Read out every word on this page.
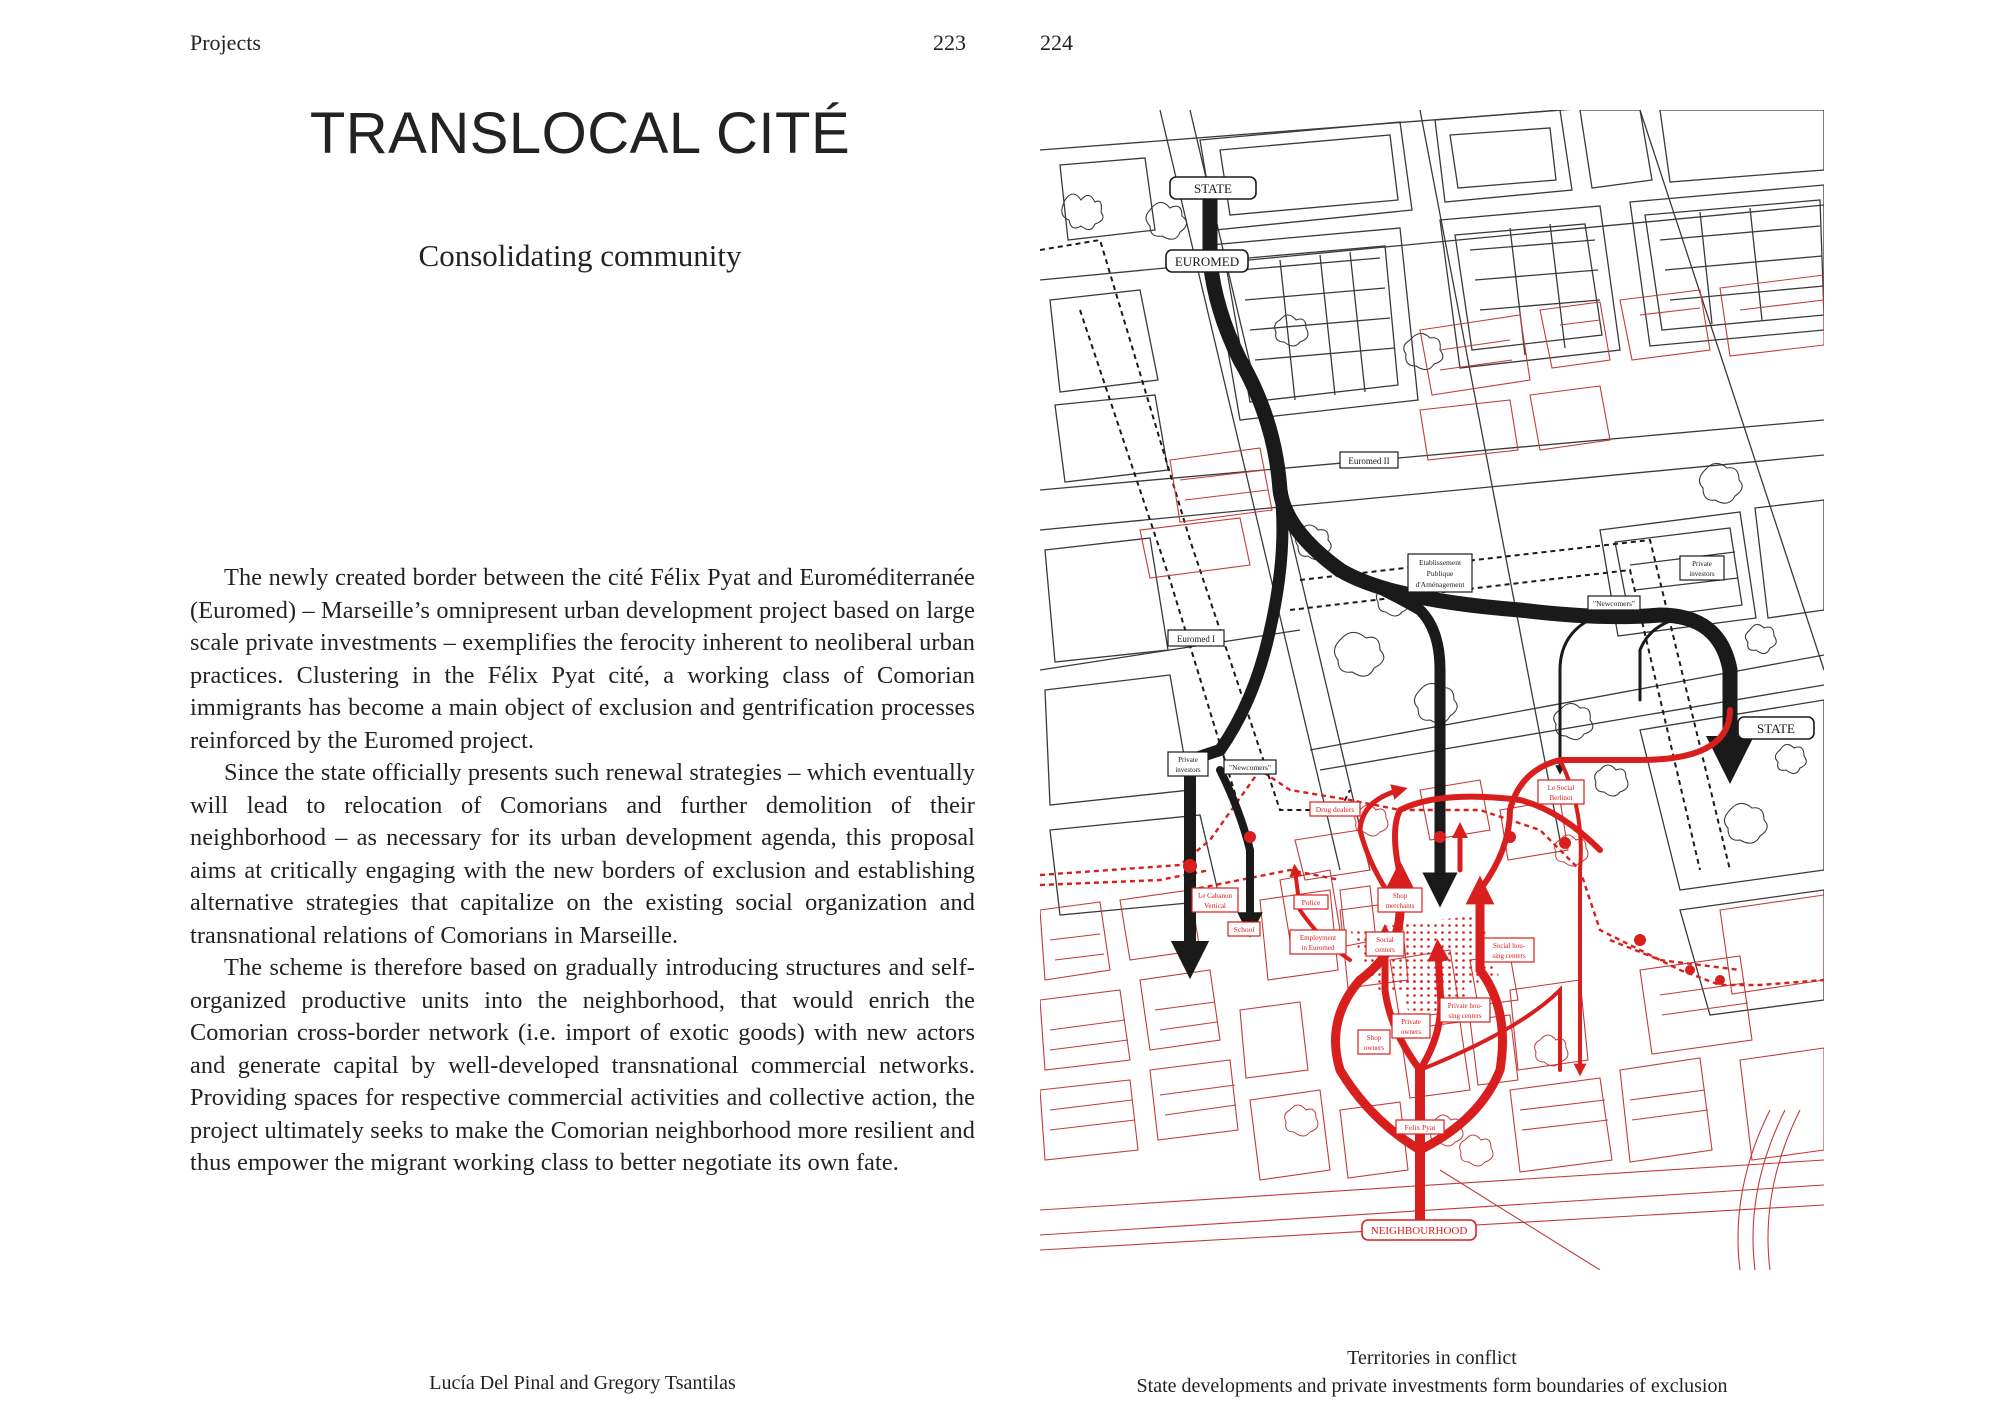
Projects	223
TRANSLOCAL CITÉ
Consolidating community

The newly created border between the cité Félix Pyat and Euroméditerranée (Euromed) – Marseille’s omnipresent urban development project based on large scale private investments – exemplifies the ferocity inherent to neoliberal urban practices. Clustering in the Félix Pyat cité, a working class of Comorian immigrants has become a main object of exclusion and gentrification processes reinforced by the Euromed project.

Since the state officially presents such renewal strategies – which eventually will lead to relocation of Comorians and further demolition of their neighborhood – as necessary for its urban development agenda, this proposal aims at critically engaging with the new borders of exclusion and establishing alternative strategies that capitalize on the existing social organization and transnational relations of Comorians in Marseille.

The scheme is therefore based on gradually introducing structures and self-organized productive units into the neighborhood, that would enrich the Comorian cross-border network (i.e. import of exotic goods) with new actors and generate capital by well-developed transnational commercial networks. Providing spaces for respective commercial activities and collective action, the project ultimately seeks to make the Comorian neighborhood more resilient and thus empower the migrant working class to better negotiate its own fate.

Lucía Del Pinal and Gregory Tsantilas
224
STATE
EUROMED
Euromed II
Euromed I
Etablissement
Publique
d'Aménagement
Private
investors
"Newcomers"
Private
investors	"Newcomers"
STATE
Le Social
Berlinot
Drug dealers
Le Cabanon
Vertical
School
Police
Shop
merchants
Employment
in Euromed
Social
centers	Social hou-
sing centers
Private hou-
sing centers
Private
owners
Shop
owners
Felix Pyat
NEIGHBOURHOOD
Territories in conflict
State developments and private investments form boundaries of exclusion
